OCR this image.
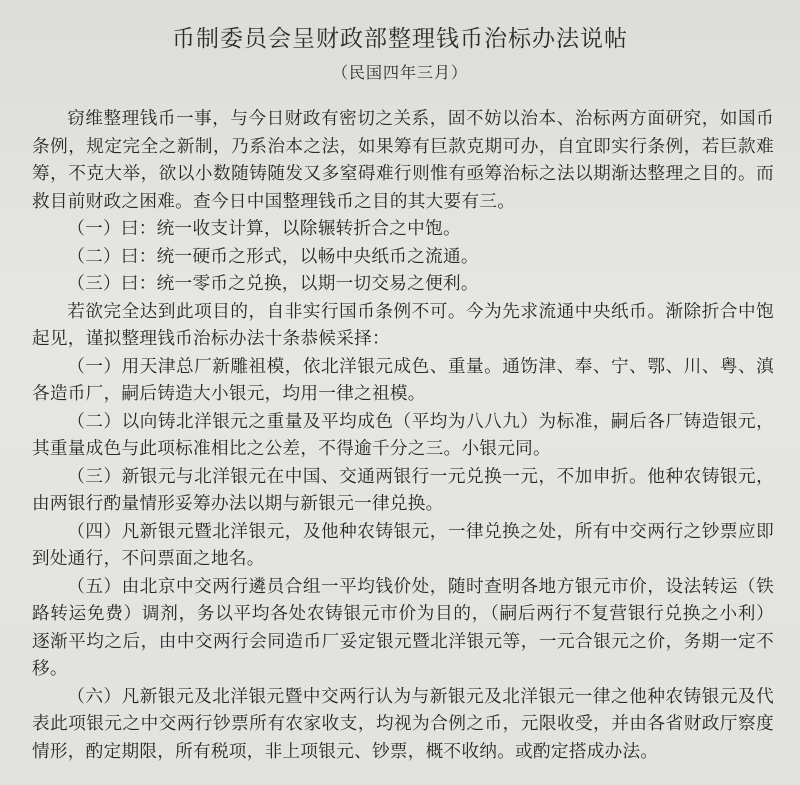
币制委员会呈财政部整理钱币治标办法说帖
（民国四年三月）

窃维整理钱币一事，与今日财政有密切之关系，固不妨以治本、治标两方面研究，如国币条例，规定完全之新制，乃系治本之法，如果筹有巨款克期可办，自宜即实行条例，若巨款难筹，不克大举，欲以小数随铸随发又多窒碍难行则惟有亟筹治标之法以期渐达整理之目的。而救目前财政之困难。查今日中国整理钱币之目的其大要有三。

（一）曰：统一收支计算，以除辗转折合之中饱。

（二）曰：统一硬币之形式，以畅中央纸币之流通。

（三）曰：统一零币之兑换，以期一切交易之便利。

若欲完全达到此项目的，自非实行国币条例不可。今为先求流通中央纸币。渐除折合中饱起见，谨拟整理钱币治标办法十条恭候采择：

（一）用天津总厂新雕祖模，依北洋银元成色、重量。通饬津、奉、宁、鄂、川、粤、滇各造币厂，嗣后铸造大小银元，均用一律之祖模。

（二）以向铸北洋银元之重量及平均成色（平均为八八九）为标准，嗣后各厂铸造银元，其重量成色与此项标准相比之公差，不得逾千分之三。小银元同。

（三）新银元与北洋银元在中国、交通两银行一元兑换一元，不加申折。他种农铸银元，由两银行酌量情形妥筹办法以期与新银元一律兑换。

（四）凡新银元暨北洋银元，及他种农铸银元，一律兑换之处，所有中交两行之钞票应即到处通行，不问票面之地名。

（五）由北京中交两行遴员合组一平均钱价处，随时查明各地方银元市价，设法转运（铁路转运免费）调剂，务以平均各处农铸银元市价为目的，（嗣后两行不复营银行兑换之小利）逐渐平均之后，由中交两行会同造币厂妥定银元暨北洋银元等，一元合银元之价，务期一定不移。

（六）凡新银元及北洋银元暨中交两行认为与新银元及北洋银元一律之他种农铸银元及代表此项银元之中交两行钞票所有农家收支，均视为合例之币，元限收受，并由各省财政厅察度情形，酌定期限，所有税项，非上项银元、钞票，概不收纳。或酌定搭成办法。
